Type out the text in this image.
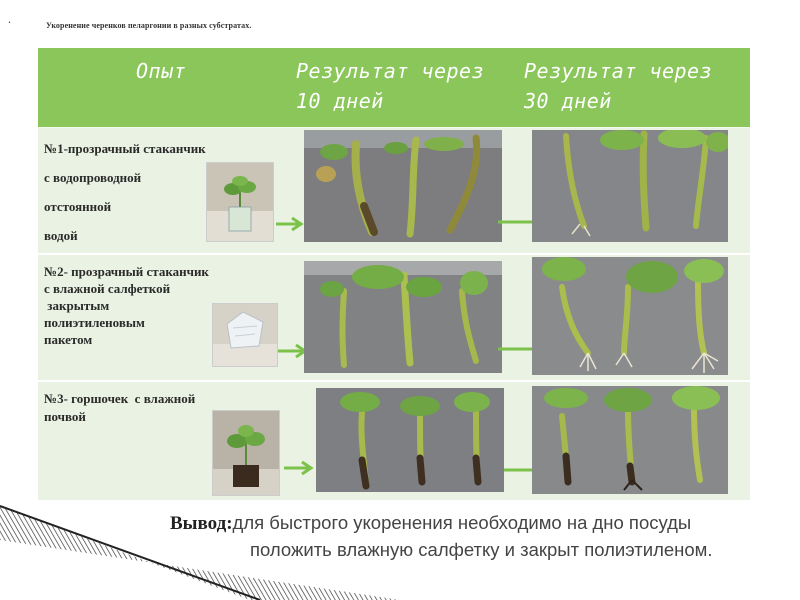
.	Укоренение черенков пеларгонии в разных субстратах.
Опыт	Результат через
10 дней
Результат через
30 дней
№1-прозрачный стаканчик
с водопроводной
отстоянной
водой
№2- прозрачный стаканчик
с влажной салфеткой
закрытым
полиэтиленовым
пакетом
№3- горшочек  с влажной
почвой
Вывод:для быстрого укоренения необходимо на дно посуды
положить влажную салфетку и закрыт полиэтиленом.
